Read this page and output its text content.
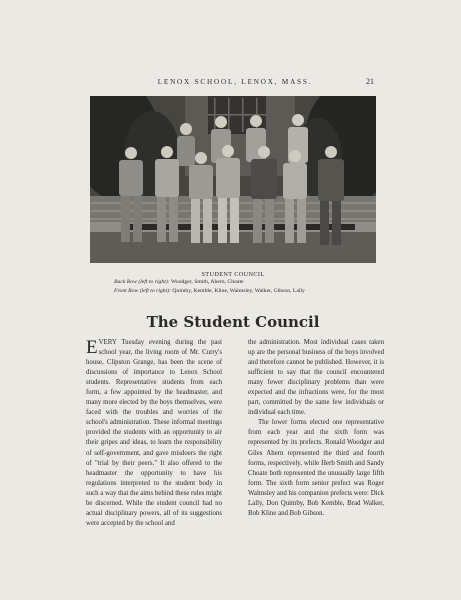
LENOX SCHOOL, LENOX, MASS.	21
STUDENT COUNCIL
Back Row (left to right): Woodger, Smith, Ahern, Choate
Front Row (left to right): Quimby, Kemble, Kline, Walmsley, Walker, Gibson, Lally
The Student Council

EVERY Tuesday evening during the past school year, the living room of Mr. Curry's house, Clipston Grange, has been the scene of discussions of importance to Lenox School students. Representative students from each form, a few appointed by the headmaster, and many more elected by the boys themselves, were faced with the troubles and worries of the school's administration. These informal meetings provided the students with an opportunity to air their gripes and ideas, to learn the responsibility of self-government, and gave misdoers the right of "trial by their peers." It also offered to the headmaster the opportunity to have his regulations interpreted to the student body in such a way that the aims behind these rules might be discerned. While the student council had no actual disciplinary powers, all of its suggestions were accepted by the school and

the administration. Most individual cases taken up are the personal business of the boys involved and therefore cannot be published. However, it is sufficient to say that the council encountered many fewer disciplinary problems than were expected and the infractions were, for the most part, committed by the same few individuals or individual each time.

The lower forms elected one representative from each year and the sixth form was represented by its prefects. Ronald Woodger and Giles Ahern represented the third and fourth forms, respectively, while Herb Smith and Sandy Choate both represented the unusually large fifth form. The sixth form senior prefect was Roger Walmsley and his companion prefects were: Dick Lally, Don Quimby, Bob Kemble, Brad Walker, Bob Kline and Bob Gibson.
